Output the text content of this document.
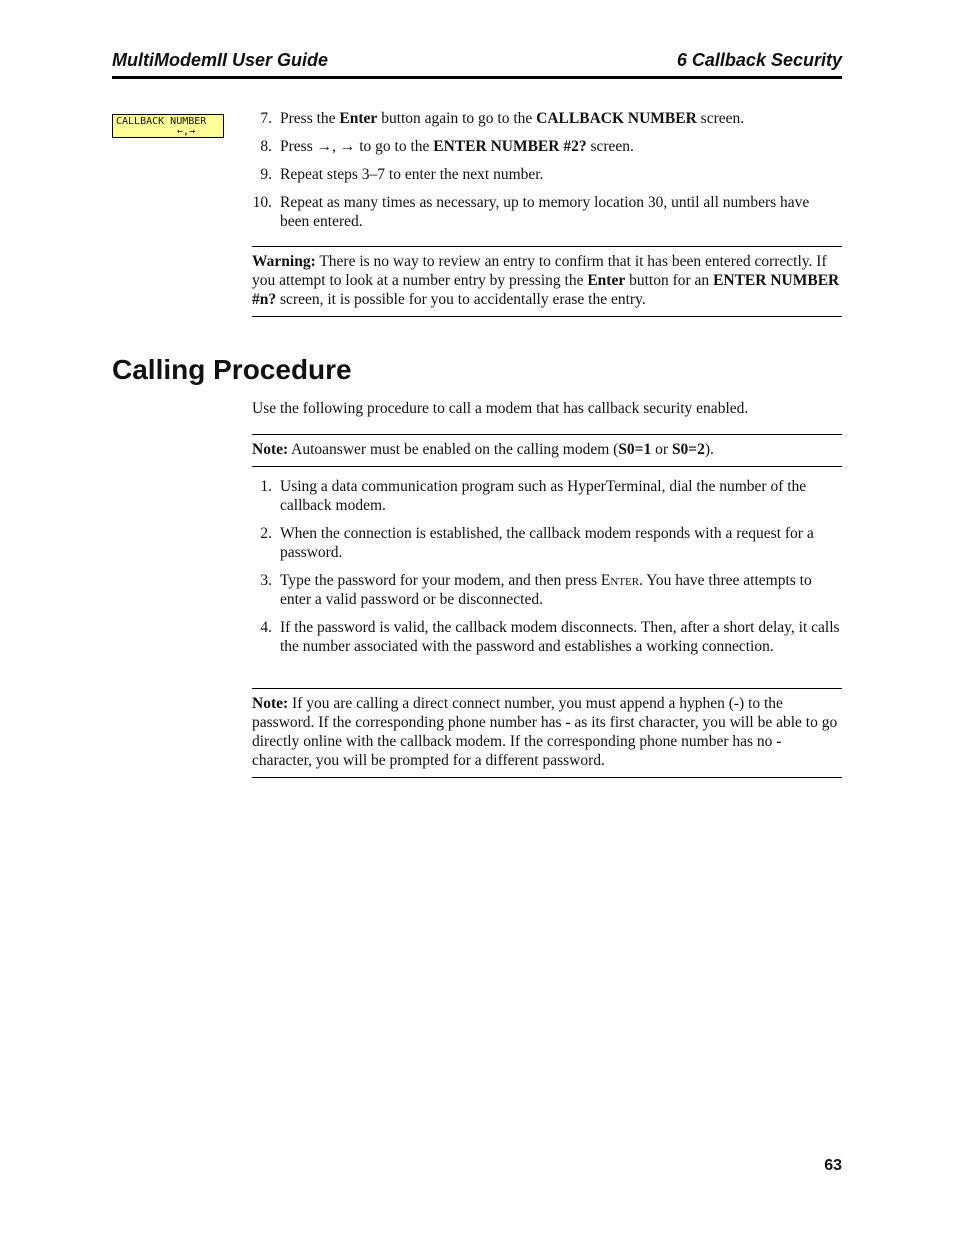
MultiModemII User Guide	6 Callback Security
CALLBACK NUMBER
←,→
7. Press the Enter button again to go to the CALLBACK NUMBER screen.
8. Press →, → to go to the ENTER NUMBER #2? screen.
9. Repeat steps 3–7 to enter the next number.
10. Repeat as many times as necessary, up to memory location 30, until all numbers have been entered.
Warning: There is no way to review an entry to confirm that it has been entered correctly. If you attempt to look at a number entry by pressing the Enter button for an ENTER NUMBER #n? screen, it is possible for you to accidentally erase the entry.
Calling Procedure
Use the following procedure to call a modem that has callback security enabled.
Note: Autoanswer must be enabled on the calling modem (S0=1 or S0=2).
1. Using a data communication program such as HyperTerminal, dial the number of the callback modem.
2. When the connection is established, the callback modem responds with a request for a password.
3. Type the password for your modem, and then press Enter. You have three attempts to enter a valid password or be disconnected.
4. If the password is valid, the callback modem disconnects. Then, after a short delay, it calls the number associated with the password and establishes a working connection.
Note: If you are calling a direct connect number, you must append a hyphen (-) to the password. If the corresponding phone number has - as its first character, you will be able to go directly online with the callback modem. If the corresponding phone number has no - character, you will be prompted for a different password.
63
